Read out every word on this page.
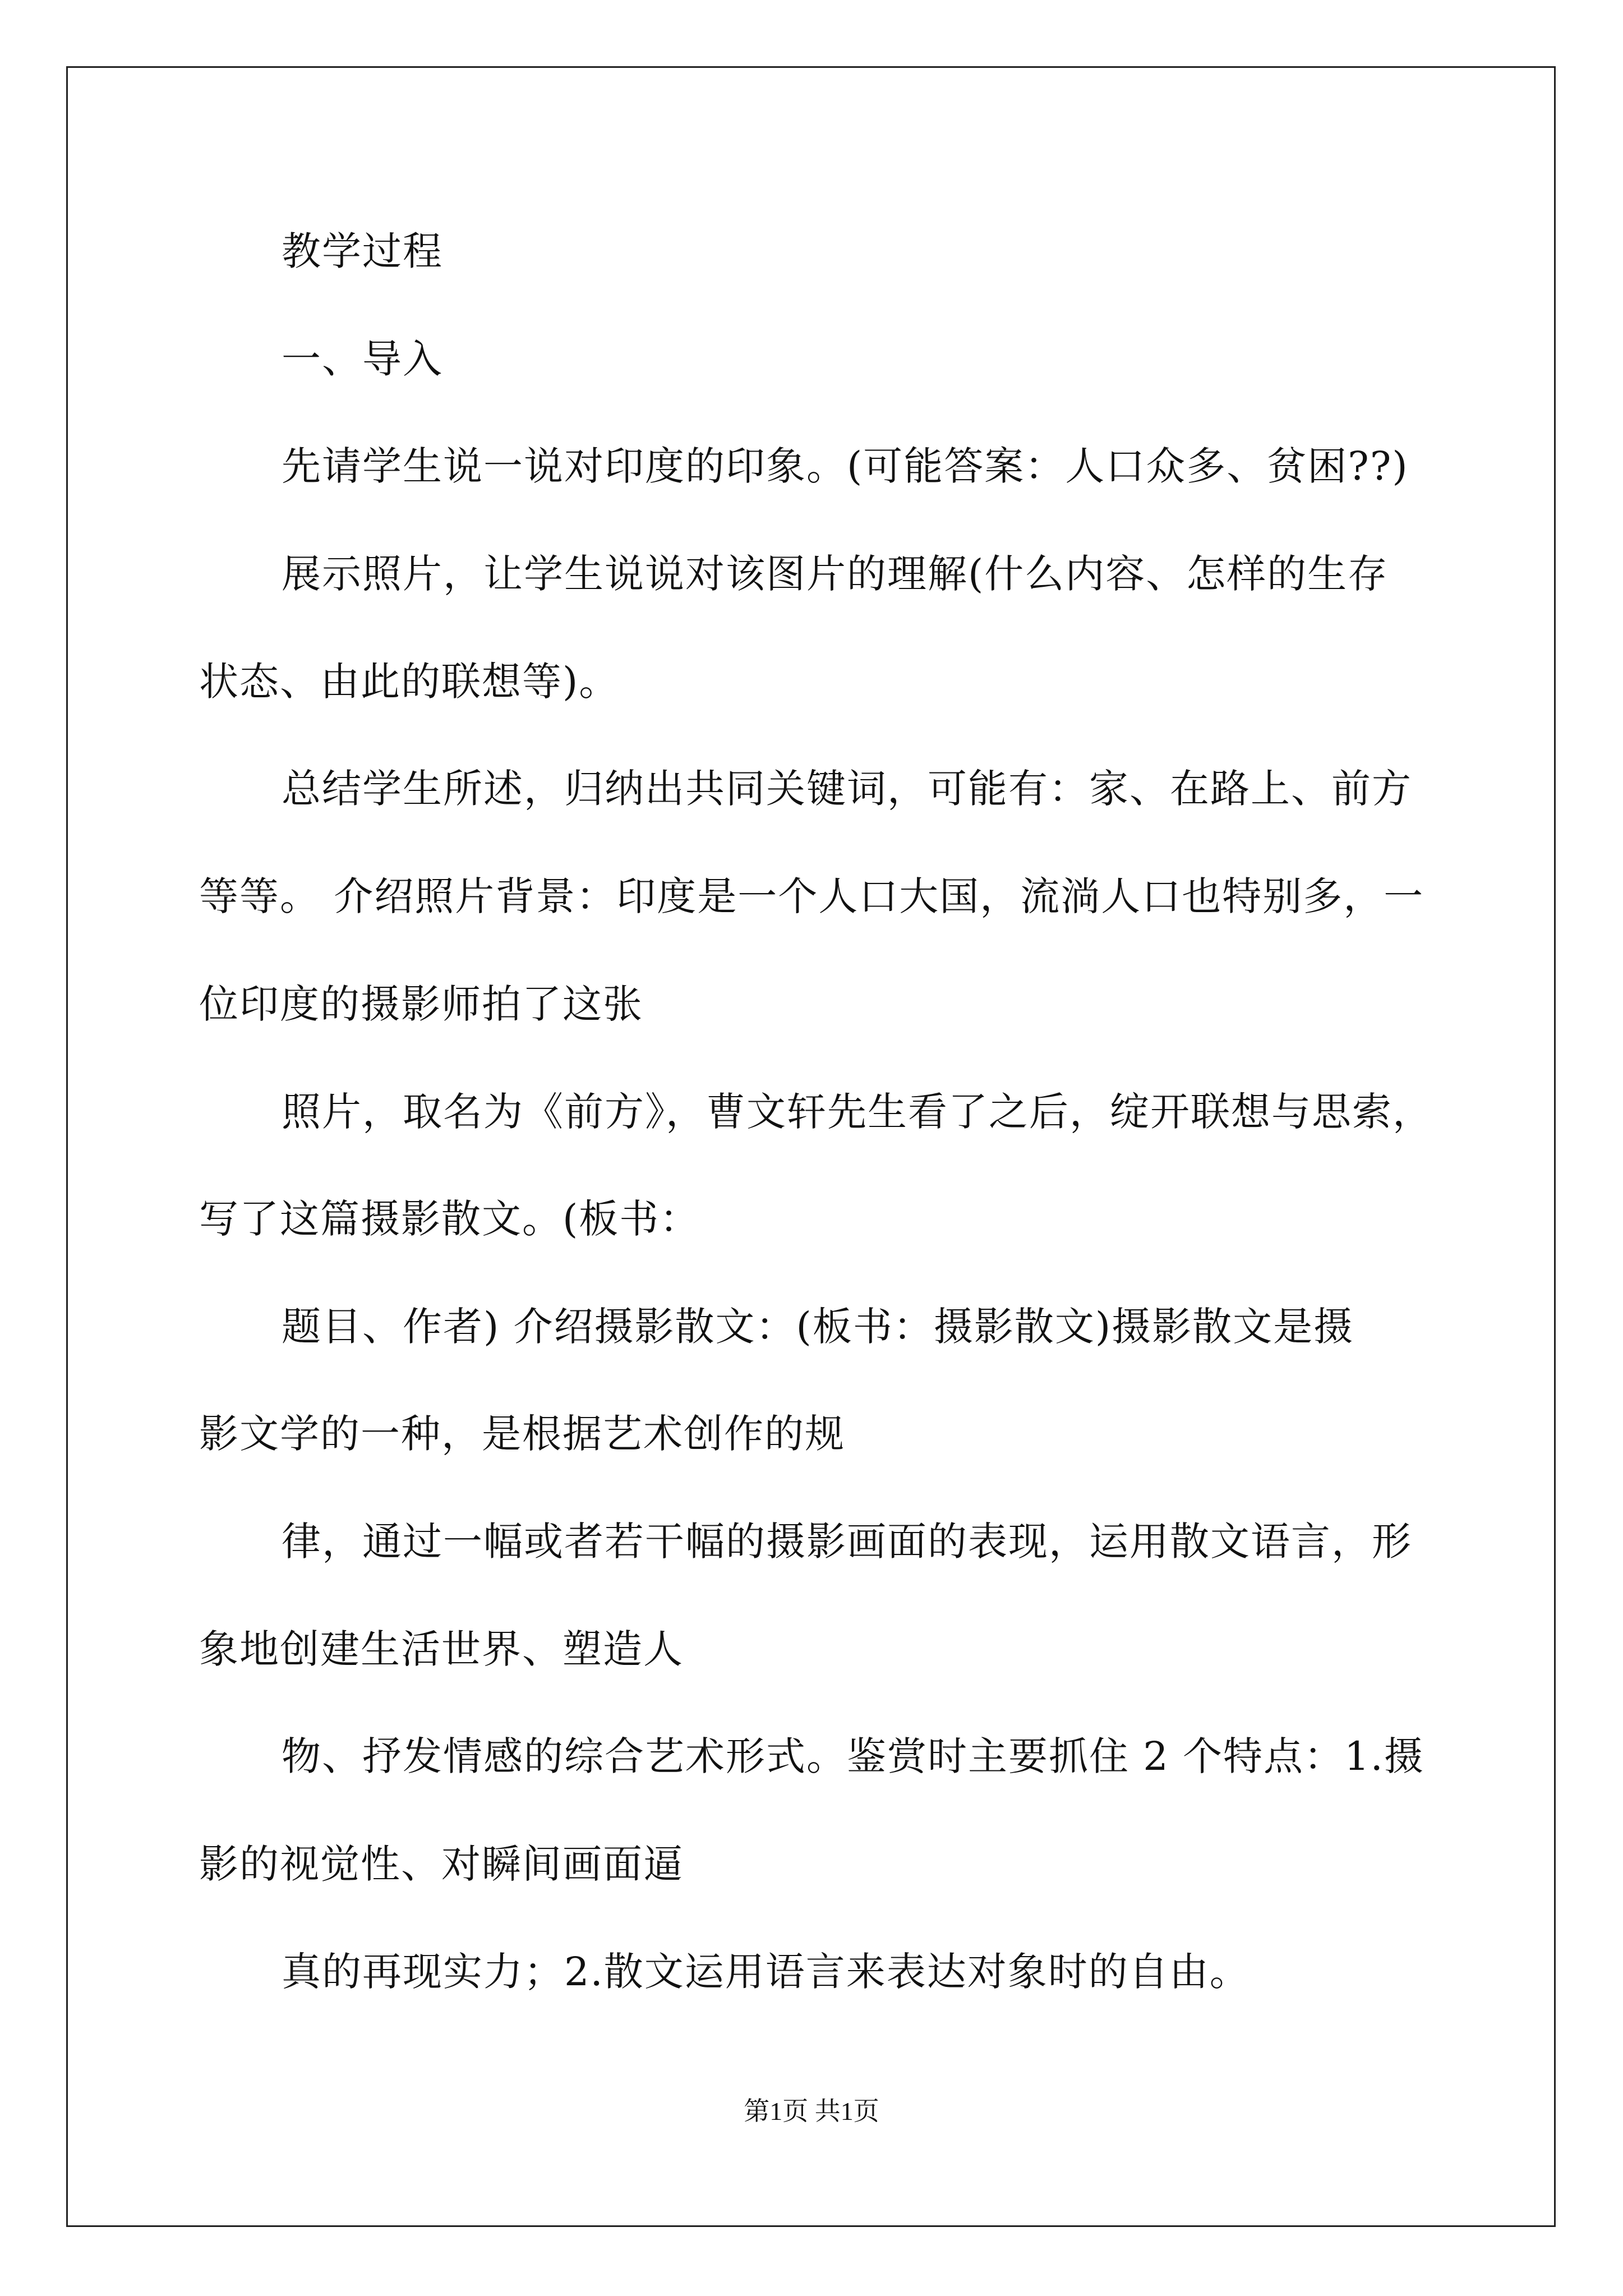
教学过程
一、导入
先请学生说一说对印度的印象。(可能答案：人口众多、贫困??)
展示照片，让学生说说对该图片的理解(什么内容、怎样的生存
状态、由此的联想等)。
总结学生所述，归纳出共同关键词，可能有：家、在路上、前方
等等。 介绍照片背景：印度是一个人口大国，流淌人口也特别多，一
位印度的摄影师拍了这张
照片，取名为《前方》，曹文轩先生看了之后，绽开联想与思索，
写了这篇摄影散文。(板书：
题目、作者) 介绍摄影散文：(板书：摄影散文)摄影散文是摄
影文学的一种，是根据艺术创作的规
律，通过一幅或者若干幅的摄影画面的表现，运用散文语言，形
象地创建生活世界、塑造人
物、抒发情感的综合艺术形式。鉴赏时主要抓住 2 个特点：1.摄
影的视觉性、对瞬间画面逼
真的再现实力；2.散文运用语言来表达对象时的自由。
第1页 共1页
